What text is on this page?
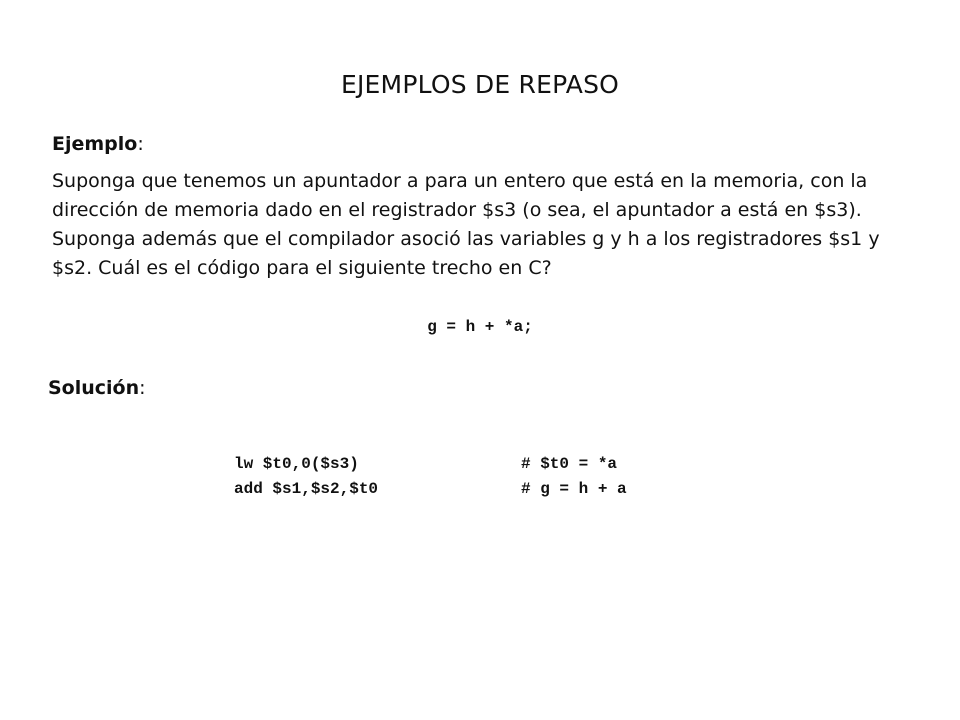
EJEMPLOS DE REPASO
Ejemplo:
Suponga que tenemos un apuntador a para un entero que está en la memoria, con la
dirección de memoria dado en el registrador $s3 (o sea, el apuntador a está en $s3).
Suponga además que el compilador asoció las variables g y h a los registradores $s1 y
$s2. Cuál es el código para el siguiente trecho en C?
g = h + *a;
Solución:
lw $t0,0($s3)	# $t0 = *a
add $s1,$s2,$t0	# g = h + a
